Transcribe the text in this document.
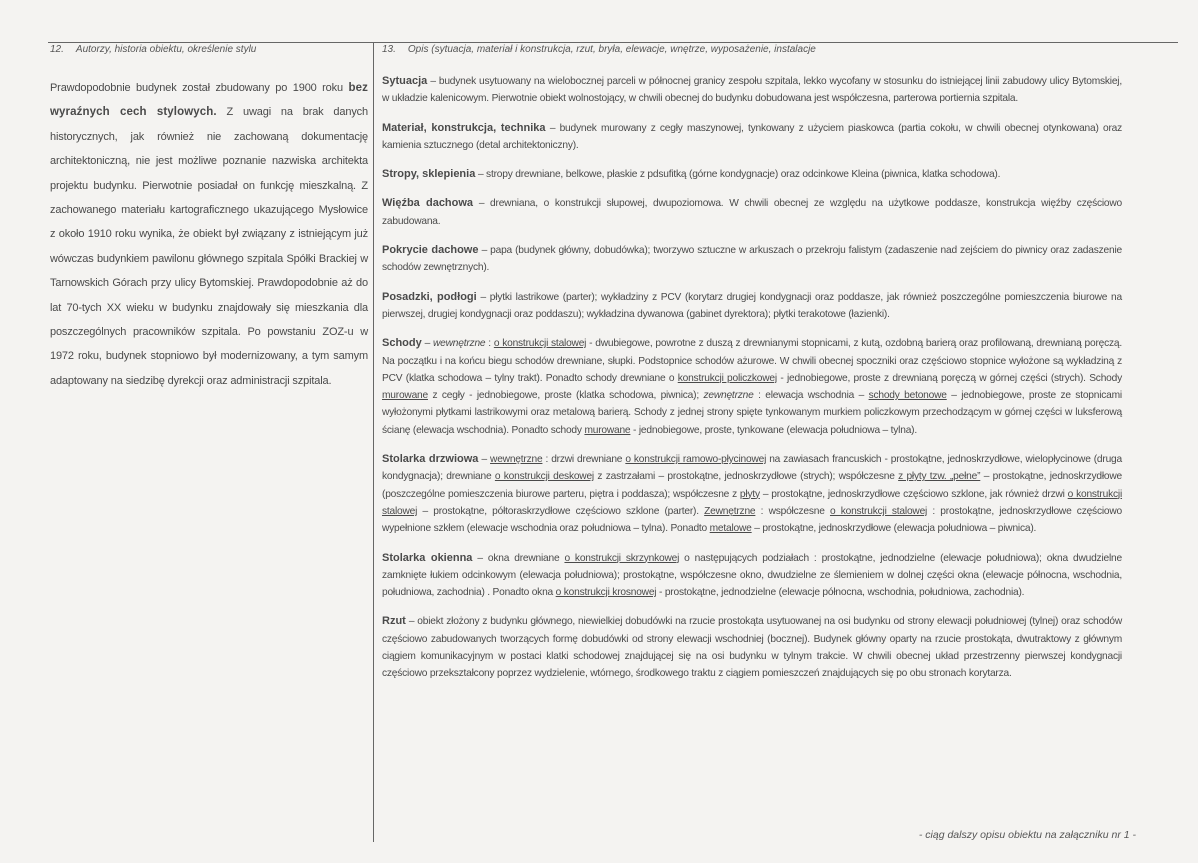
12. Autorzy, historia obiektu, określenie stylu
Prawdopodobnie budynek został zbudowany po 1900 roku bez wyraźnych cech stylowych. Z uwagi na brak danych historycznych, jak również nie zachowaną dokumentację architektoniczną, nie jest możliwe poznanie nazwiska architekta projektu budynku. Pierwotnie posiadał on funkcję mieszkalną. Z zachowanego materiału kartograficznego ukazującego Mysłowice z około 1910 roku wynika, że obiekt był związany z istniejącym już wówczas budynkiem pawilonu głównego szpitala Spółki Brackiej w Tarnowskich Górach przy ulicy Bytomskiej. Prawdopodobnie aż do lat 70-tych XX wieku w budynku znajdowały się mieszkania dla poszczególnych pracowników szpitala. Po powstaniu ZOZ-u w 1972 roku, budynek stopniowo był modernizowany, a tym samym adaptowany na siedzibę dyrekcji oraz administracji szpitala.
13. Opis (sytuacja, materiał i konstrukcja, rzut, bryła, elewacje, wnętrze, wyposażenie, instalacje

Sytuacja – budynek usytuowany na wielobocznej parceli w północnej granicy zespołu szpitala, lekko wycofany w stosunku do istniejącej linii zabudowy ulicy Bytomskiej, w układzie kalenicowym. Pierwotnie obiekt wolnostojący, w chwili obecnej do budynku dobudowana jest współczesna, parterowa portiernia szpitala.

Materiał, konstrukcja, technika – budynek murowany z cegły maszynowej, tynkowany z użyciem piaskowca (partia cokołu, w chwili obecnej otynkowana) oraz kamienia sztucznego (detal architektoniczny).

Stropy, sklepienia – stropy drewniane, belkowe, płaskie z pdsufitką (górne kondygnacje) oraz odcinkowe Kleina (piwnica, klatka schodowa).

Więźba dachowa – drewniana, o konstrukcji słupowej, dwupoziomowa. W chwili obecnej ze względu na użytkowe poddasze, konstrukcja więźby częściowo zabudowana.

Pokrycie dachowe – papa (budynek główny, dobudówka); tworzywo sztuczne w arkuszach o przekroju falistym (zadaszenie nad zejściem do piwnicy oraz zadaszenie schodów zewnętrznych).

Posadzki, podłogi – płytki lastrikowe (parter); wykładziny z PCV (korytarz drugiej kondygnacji oraz poddasze, jak również poszczególne pomieszczenia biurowe na pierwszej, drugiej kondygnacji oraz poddaszu); wykładzina dywanowa (gabinet dyrektora); płytki terakotowe (łazienki).

Schody – wewnętrzne : o konstrukcji stalowej - dwubiegowe, powrotne z duszą z drewnianymi stopnicami, z kutą, ozdobną barierą oraz profilowaną, drewnianą poręczą. Na początku i na końcu biegu schodów drewniane, słupki. Podstopnice schodów ażurowe. W chwili obecnej spoczniki oraz częściowo stopnice wyłożone są wykładziną z PCV (klatka schodowa – tylny trakt). Ponadto schody drewniane o konstrukcji policzkowej - jednobiegowe, proste z drewnianą poręczą w górnej części (strych). Schody murowane z cegły - jednobiegowe, proste (klatka schodowa, piwnica); zewnętrzne : elewacja wschodnia – schody betonowe – jednobiegowe, proste ze stopnicami wyłożonymi płytkami lastrikowymi oraz metalową barierą. Schody z jednej strony spięte tynkowanym murkiem policzkowym przechodzącym w górnej części w luksferową ścianę (elewacja wschodnia). Ponadto schody murowane - jednobiegowe, proste, tynkowane (elewacja południowa – tylna).

Stolarka drzwiowa – wewnętrzne : drzwi drewniane o konstrukcji ramowo-płycinowej na zawiasach francuskich - prostokątne, jednoskrzydłowe, wielopłycinowe (druga kondygnacja); drewniane o konstrukcji deskowej z zastrzałami – prostokątne, jednoskrzydłowe (strych); współczesne z płyty tzw. „pełne” – prostokątne, jednoskrzydłowe (poszczególne pomieszczenia biurowe parteru, piętra i poddasza); współczesne z płyty – prostokątne, jednoskrzydłowe częściowo szklone, jak również drzwi o konstrukcji stalowej – prostokątne, półtoraskrzydłowe częściowo szklone (parter). Zewnętrzne : współczesne o konstrukcji stalowej : prostokątne, jednoskrzydłowe częściowo wypełnione szkłem (elewacje wschodnia oraz południowa – tylna). Ponadto metalowe – prostokątne, jednoskrzydłowe (elewacja południowa – piwnica).

Stolarka okienna – okna drewniane o konstrukcji skrzynkowej o następujących podziałach : prostokątne, jednodzielne (elewacje południowa); okna dwudzielne zamknięte łukiem odcinkowym (elewacja południowa); prostokątne, współczesne okno, dwudzielne ze ślemieniem w dolnej części okna (elewacje północna, wschodnia, południowa, zachodnia) . Ponadto okna o konstrukcji krosnowej - prostokątne, jednodzielne (elewacje północna, wschodnia, południowa, zachodnia).

Rzut – obiekt złożony z budynku głównego, niewielkiej dobudówki na rzucie prostokąta usytuowanej na osi budynku od strony elewacji południowej (tylnej) oraz schodów częściowo zabudowanych tworzących formę dobudówki od strony elewacji wschodniej (bocznej). Budynek główny oparty na rzucie prostokąta, dwutraktowy z głównym ciągiem komunikacyjnym w postaci klatki schodowej znajdującej się na osi budynku w tylnym trakcie. W chwili obecnej układ przestrzenny pierwszej kondygnacji częściowo przekształcony poprzez wydzielenie, wtórnego, środkowego traktu z ciągiem pomieszczeń znajdujących się po obu stronach korytarza.

- ciąg dalszy opisu obiektu na załączniku nr 1 -
